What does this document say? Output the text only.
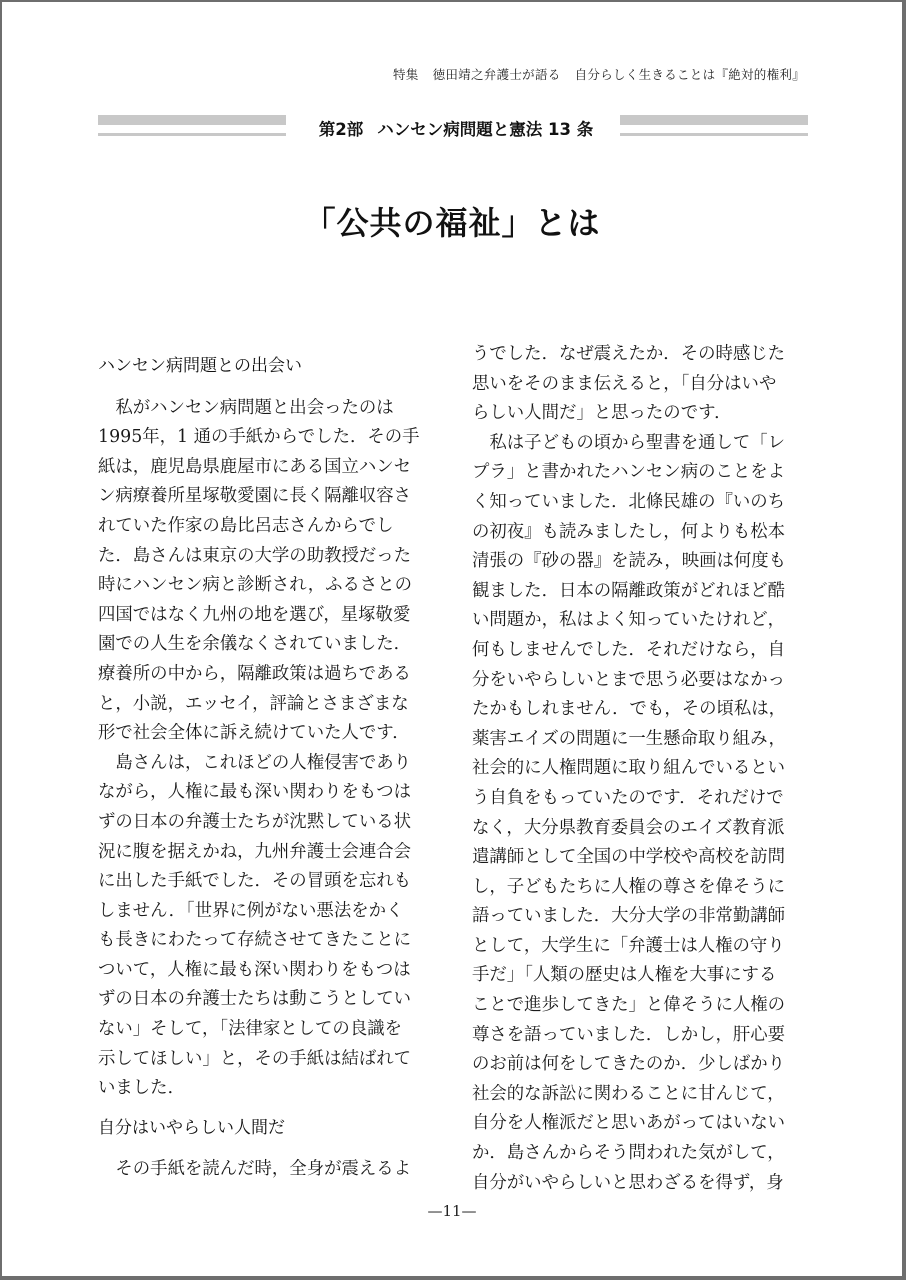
特集 徳田靖之弁護士が語る 自分らしく生きることは『絶対的権利』
第2部 ハンセン病問題と憲法 13 条
「公共の福祉」とは
ハンセン病問題との出会い
　私がハンセン病問題と出会ったのは
1995年，1 通の手紙からでした．その手
紙は，鹿児島県鹿屋市にある国立ハンセ
ン病療養所星塚敬愛園に長く隔離収容さ
れていた作家の島比呂志さんからでし
た．島さんは東京の大学の助教授だった
時にハンセン病と診断され，ふるさとの
四国ではなく九州の地を選び，星塚敬愛
園での人生を余儀なくされていました．
療養所の中から，隔離政策は過ちである
と，小説，エッセイ，評論とさまざまな
形で社会全体に訴え続けていた人です．
　島さんは，これほどの人権侵害であり
ながら，人権に最も深い関わりをもつは
ずの日本の弁護士たちが沈黙している状
況に腹を据えかね，九州弁護士会連合会
に出した手紙でした．その冒頭を忘れも
しません．「世界に例がない悪法をかく
も長きにわたって存続させてきたことに
ついて，人権に最も深い関わりをもつは
ずの日本の弁護士たちは動こうとしてい
ない」そして，「法律家としての良識を
示してほしい」と，その手紙は結ばれて
いました．
自分はいやらしい人間だ
　その手紙を読んだ時，全身が震えるよ
うでした．なぜ震えたか．その時感じた
思いをそのまま伝えると，「自分はいや
らしい人間だ」と思ったのです．
　私は子どもの頃から聖書を通して「レ
プラ」と書かれたハンセン病のことをよ
く知っていました．北條民雄の『いのち
の初夜』も読みましたし，何よりも松本
清張の『砂の器』を読み，映画は何度も
観ました．日本の隔離政策がどれほど酷
い問題か，私はよく知っていたけれど，
何もしませんでした．それだけなら，自
分をいやらしいとまで思う必要はなかっ
たかもしれません．でも，その頃私は，
薬害エイズの問題に一生懸命取り組み，
社会的に人権問題に取り組んでいるとい
う自負をもっていたのです．それだけで
なく，大分県教育委員会のエイズ教育派
遣講師として全国の中学校や高校を訪問
し，子どもたちに人権の尊さを偉そうに
語っていました．大分大学の非常勤講師
として，大学生に「弁護士は人権の守り
手だ」「人類の歴史は人権を大事にする
ことで進歩してきた」と偉そうに人権の
尊さを語っていました．しかし，肝心要
のお前は何をしてきたのか．少しばかり
社会的な訴訟に関わることに甘んじて，
自分を人権派だと思いあがってはいない
か．島さんからそう問われた気がして，
自分がいやらしいと思わざるを得ず，身
—11—
